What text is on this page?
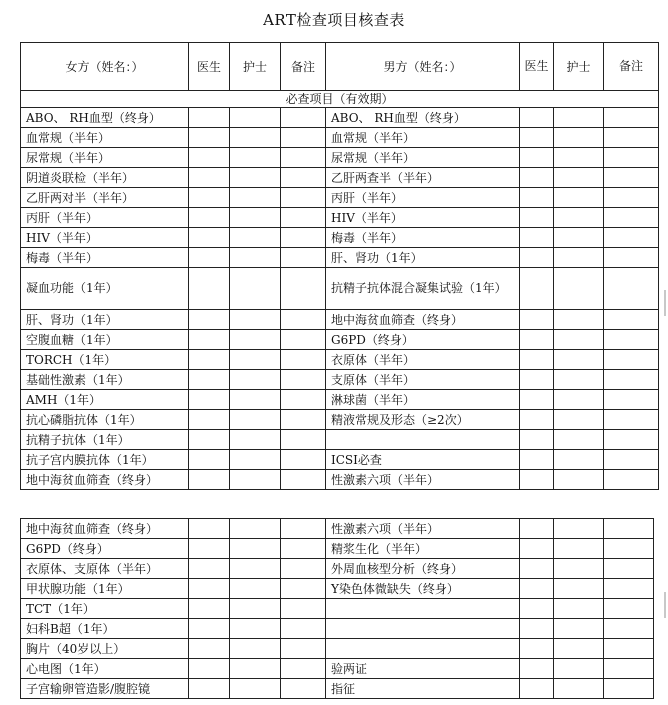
ART检查项目核查表
女方（姓名：）	医生	护士	备注	男方（姓名：）	医生	护士	备注
必查项目（有效期）							
ABO、 RH血型（终身）				ABO、 RH血型（终身）			
血常规（半年）				血常规（半年）			
尿常规（半年）				尿常规（半年）			
阴道炎联检（半年）				乙肝两查半（半年）			
乙肝两对半（半年）				丙肝（半年）			
丙肝（半年）				HIV（半年）			
HIV（半年）				梅毒（半年）			
梅毒（半年）				肝、肾功（1年）			
凝血功能（1年）				抗精子抗体混合凝集试验（1年）			
肝、肾功（1年）				地中海贫血筛查（终身）			
空腹血糖（1年）				G6PD（终身）			
TORCH（1年）				衣原体（半年）			
基础性激素（1年）				支原体（半年）			
AMH（1年）				淋球菌（半年）			
抗心磷脂抗体（1年）				精液常规及形态（≥2次）			
抗精子抗体（1年）							
抗子宫内膜抗体（1年）				ICSI必查			
地中海贫血筛查（终身）				性激素六项（半年）			
地中海贫血筛查（终身）				性激素六项（半年）			
G6PD（终身）				精浆生化（半年）			
衣原体、支原体（半年）				外周血核型分析（终身）			
甲状腺功能（1年）				Y染色体微缺失（终身）			
TCT（1年）							
妇科B超（1年）							
胸片（40岁以上）							
心电图（1年）				验两证			
子宫输卵管造影/腹腔镜				指征			
